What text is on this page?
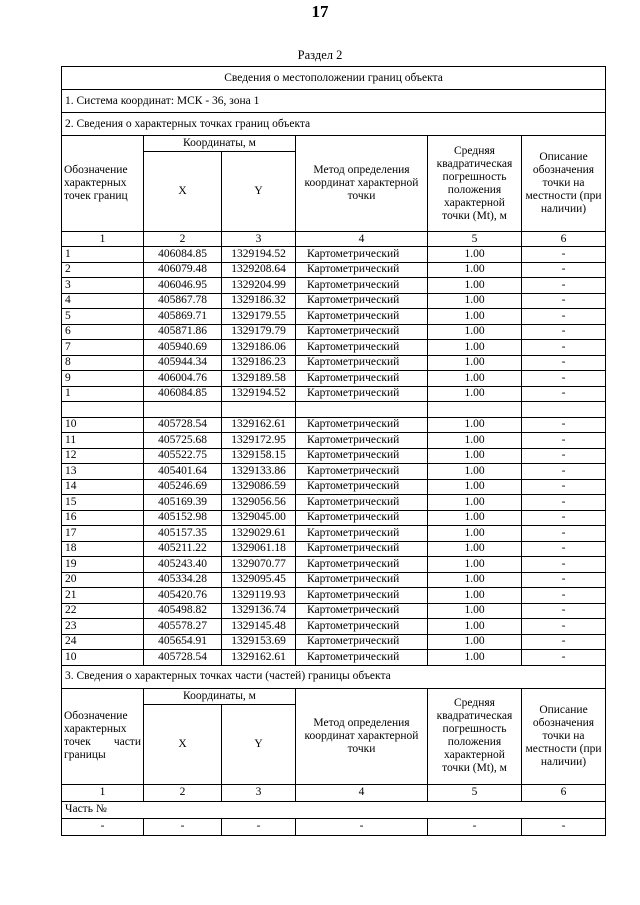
17
Раздел 2
Сведения о местоположении границ объекта					
1. Система координат: МСК - 36, зона 1					
2. Сведения о характерных точках границ объекта					
Обозначение характерных точек границ	Координаты, м		Метод определения координат характерной точки	Средняя квадратическая погрешность положения характерной точки (Mt), м	Описание обозначения точки на местности (при наличии)
	X	Y			
1	2	3	4	5	6
1	406084.85	1329194.52	Картометрический	1.00	-
2	406079.48	1329208.64	Картометрический	1.00	-
3	406046.95	1329204.99	Картометрический	1.00	-
4	405867.78	1329186.32	Картометрический	1.00	-
5	405869.71	1329179.55	Картометрический	1.00	-
6	405871.86	1329179.79	Картометрический	1.00	-
7	405940.69	1329186.06	Картометрический	1.00	-
8	405944.34	1329186.23	Картометрический	1.00	-
9	406004.76	1329189.58	Картометрический	1.00	-
1	406084.85	1329194.52	Картометрический	1.00	-

10	405728.54	1329162.61	Картометрический	1.00	-
11	405725.68	1329172.95	Картометрический	1.00	-
12	405522.75	1329158.15	Картометрический	1.00	-
13	405401.64	1329133.86	Картометрический	1.00	-
14	405246.69	1329086.59	Картометрический	1.00	-
15	405169.39	1329056.56	Картометрический	1.00	-
16	405152.98	1329045.00	Картометрический	1.00	-
17	405157.35	1329029.61	Картометрический	1.00	-
18	405211.22	1329061.18	Картометрический	1.00	-
19	405243.40	1329070.77	Картометрический	1.00	-
20	405334.28	1329095.45	Картометрический	1.00	-
21	405420.76	1329119.93	Картометрический	1.00	-
22	405498.82	1329136.74	Картометрический	1.00	-
23	405578.27	1329145.48	Картометрический	1.00	-
24	405654.91	1329153.69	Картометрический	1.00	-
10	405728.54	1329162.61	Картометрический	1.00	-
3. Сведения о характерных точках части (частей) границы объекта					
Обозначение характерных точек части границы	Координаты, м		Метод определения координат характерной точки	Средняя квадратическая погрешность положения характерной точки (Mt), м	Описание обозначения точки на местности (при наличии)
	X	Y			
1	2	3	4	5	6
Часть №					
-	-	-	-	-	-
